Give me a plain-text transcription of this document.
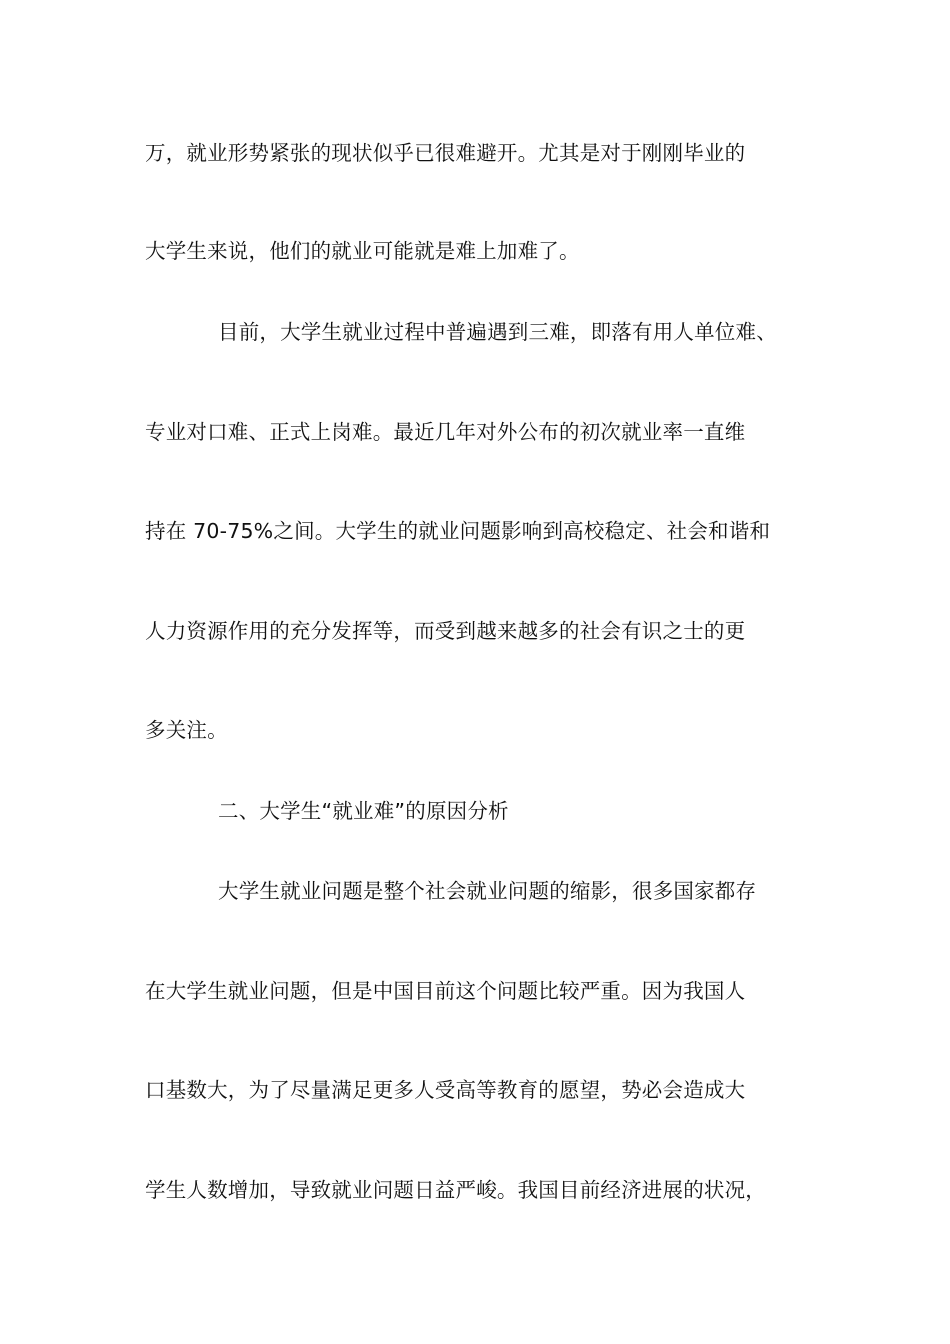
万，就业形势紧张的现状似乎已很难避开。尤其是对于刚刚毕业的
大学生来说，他们的就业可能就是难上加难了。
目前，大学生就业过程中普遍遇到三难，即落有用人单位难、
专业对口难、正式上岗难。最近几年对外公布的初次就业率一直维
持在 70-75%之间。大学生的就业问题影响到高校稳定、社会和谐和
人力资源作用的充分发挥等，而受到越来越多的社会有识之士的更
多关注。
二、大学生“就业难”的原因分析
大学生就业问题是整个社会就业问题的缩影，很多国家都存
在大学生就业问题，但是中国目前这个问题比较严重。因为我国人
口基数大，为了尽量满足更多人受高等教育的愿望，势必会造成大
学生人数增加，导致就业问题日益严峻。我国目前经济进展的状况，
